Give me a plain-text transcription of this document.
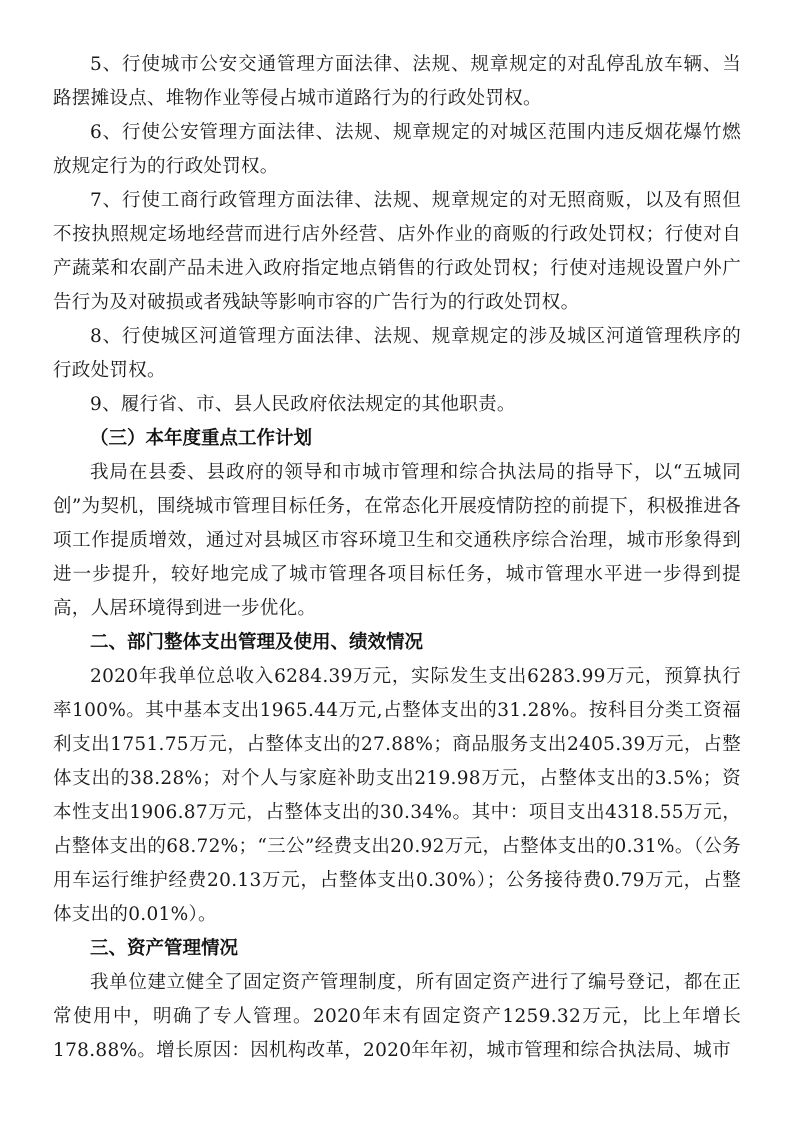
5、行使城市公安交通管理方面法律、法规、规章规定的对乱停乱放车辆、当路摆摊设点、堆物作业等侵占城市道路行为的行政处罚权。

6、行使公安管理方面法律、法规、规章规定的对城区范围内违反烟花爆竹燃放规定行为的行政处罚权。

7、行使工商行政管理方面法律、法规、规章规定的对无照商贩，以及有照但不按执照规定场地经营而进行店外经营、店外作业的商贩的行政处罚权；行使对自产蔬菜和农副产品未进入政府指定地点销售的行政处罚权；行使对违规设置户外广告行为及对破损或者残缺等影响市容的广告行为的行政处罚权。

8、行使城区河道管理方面法律、法规、规章规定的涉及城区河道管理秩序的行政处罚权。

9、履行省、市、县人民政府依法规定的其他职责。

（三）本年度重点工作计划

我局在县委、县政府的领导和市城市管理和综合执法局的指导下，以“五城同创”为契机，围绕城市管理目标任务，在常态化开展疫情防控的前提下，积极推进各项工作提质增效，通过对县城区市容环境卫生和交通秩序综合治理，城市形象得到进一步提升，较好地完成了城市管理各项目标任务，城市管理水平进一步得到提高，人居环境得到进一步优化。

二、部门整体支出管理及使用、绩效情况

2020年我单位总收入6284.39万元，实际发生支出6283.99万元，预算执行率100%。其中基本支出1965.44万元,占整体支出的31.28%。按科目分类工资福利支出1751.75万元，占整体支出的27.88%；商品服务支出2405.39万元，占整体支出的38.28%；对个人与家庭补助支出219.98万元，占整体支出的3.5%；资本性支出1906.87万元，占整体支出的30.34%。其中：项目支出4318.55万元，占整体支出的68.72%；“三公”经费支出20.92万元，占整体支出的0.31%。（公务用车运行维护经费20.13万元，占整体支出0.30%）；公务接待费0.79万元，占整体支出的0.01%）。

三、资产管理情况

我单位建立健全了固定资产管理制度，所有固定资产进行了编号登记，都在正常使用中，明确了专人管理。2020年末有固定资产1259.32万元，比上年增长178.88%。增长原因：因机构改革，2020年年初，城市管理和综合执法局、城市
